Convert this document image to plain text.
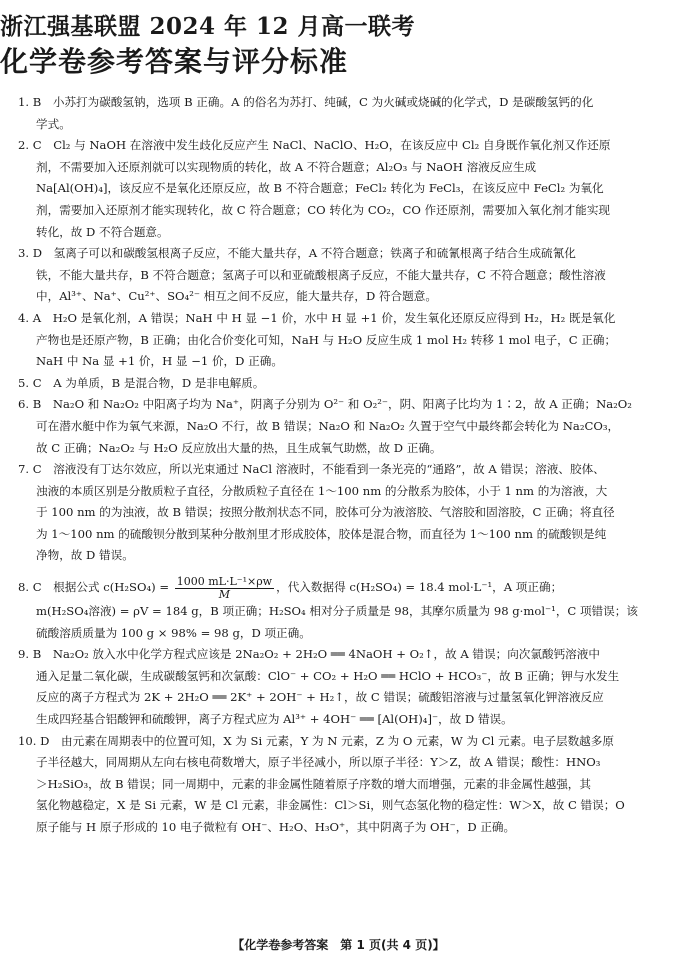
浙江强基联盟 2024 年 12 月高一联考
化学卷参考答案与评分标准
1. B　小苏打为碳酸氢钠，选项 B 正确。A 的俗名为苏打、纯碱，C 为火碱或烧碱的化学式，D 是碳酸氢钙的化
学式。
2. C　Cl₂ 与 NaOH 在溶液中发生歧化反应产生 NaCl、NaClO、H₂O，在该反应中 Cl₂ 自身既作氧化剂又作还原
剂，不需要加入还原剂就可以实现物质的转化，故 A 不符合题意；Al₂O₃ 与 NaOH 溶液反应生成
Na[Al(OH)₄]，该反应不是氧化还原反应，故 B 不符合题意；FeCl₂ 转化为 FeCl₃，在该反应中 FeCl₂ 为氧化
剂，需要加入还原剂才能实现转化，故 C 符合题意；CO 转化为 CO₂，CO 作还原剂，需要加入氧化剂才能实现
转化，故 D 不符合题意。
3. D　氢离子可以和碳酸氢根离子反应，不能大量共存，A 不符合题意；铁离子和硫氰根离子结合生成硫氰化
铁，不能大量共存，B 不符合题意；氢离子可以和亚硫酸根离子反应，不能大量共存，C 不符合题意；酸性溶液
中，Al³⁺、Na⁺、Cu²⁺、SO₄²⁻ 相互之间不反应，能大量共存，D 符合题意。
4. A　H₂O 是氧化剂，A 错误；NaH 中 H 显 −1 价，水中 H 显 +1 价，发生氧化还原反应得到 H₂，H₂ 既是氧化
产物也是还原产物，B 正确；由化合价变化可知，NaH 与 H₂O 反应生成 1 mol H₂ 转移 1 mol 电子，C 正确；
NaH 中 Na 显 +1 价，H 显 −1 价，D 正确。
5. C　A 为单质，B 是混合物，D 是非电解质。
6. B　Na₂O 和 Na₂O₂ 中阳离子均为 Na⁺，阴离子分别为 O²⁻ 和 O₂²⁻，阴、阳离子比均为 1∶2，故 A 正确；Na₂O₂
可在潜水艇中作为氧气来源，Na₂O 不行，故 B 错误；Na₂O 和 Na₂O₂ 久置于空气中最终都会转化为 Na₂CO₃，
故 C 正确；Na₂O₂ 与 H₂O 反应放出大量的热，且生成氧气助燃，故 D 正确。
7. C　溶液没有丁达尔效应，所以光束通过 NaCl 溶液时，不能看到一条光亮的“通路”，故 A 错误；溶液、胶体、
浊液的本质区别是分散质粒子直径，分散质粒子直径在 1～100 nm 的分散系为胶体，小于 1 nm 的为溶液，大
于 100 nm 的为浊液，故 B 错误；按照分散剂状态不同，胶体可分为液溶胶、气溶胶和固溶胶，C 正确；将直径
为 1～100 nm 的硫酸钡分散到某种分散剂里才形成胶体，胶体是混合物，而直径为 1～100 nm 的硫酸钡是纯
净物，故 D 错误。
8. C　根据公式 $c(H_2SO_4) = \frac{\text{1000 mL·L⁻¹×ρw}}{M}$ ，代入数据得 c(H₂SO₄) = 18.4 mol·L⁻¹，A 项正确；
m(H₂SO₄溶液) = ρV = 184 g，B 项正确；H₂SO₄ 相对分子质量是 98，其摩尔质量为 98 g·mol⁻¹，C 项错误；该
硫酸溶质质量为 100 g × 98% = 98 g，D 项正确。
9. B　Na₂O₂ 放入水中化学方程式应该是 2Na₂O₂ + 2H₂O ══ 4NaOH + O₂↑，故 A 错误；向次氯酸钙溶液中
通入足量二氧化碳，生成碳酸氢钙和次氯酸：ClO⁻ + CO₂ + H₂O ══ HClO + HCO₃⁻，故 B 正确；钾与水发生
反应的离子方程式为 2K + 2H₂O ══ 2K⁺ + 2OH⁻ + H₂↑，故 C 错误；硫酸铝溶液与过量氢氧化钾溶液反应
生成四羟基合铝酸钾和硫酸钾，离子方程式应为 Al³⁺ + 4OH⁻ ══ [Al(OH)₄]⁻，故 D 错误。
10. D　由元素在周期表中的位置可知，X 为 Si 元素，Y 为 N 元素，Z 为 O 元素，W 为 Cl 元素。电子层数越多原
子半径越大，同周期从左向右核电荷数增大，原子半径减小，所以原子半径：Y＞Z，故 A 错误；酸性：HNO₃
＞H₂SiO₃，故 B 错误；同一周期中，元素的非金属性随着原子序数的增大而增强，元素的非金属性越强，其
氢化物越稳定，X 是 Si 元素，W 是 Cl 元素，非金属性：Cl＞Si，则气态氢化物的稳定性：W＞X，故 C 错误；O
原子能与 H 原子形成的 10 电子微粒有 OH⁻、H₂O、H₃O⁺，其中阴离子为 OH⁻，D 正确。
【化学卷参考答案　第 1 页(共 4 页)】
